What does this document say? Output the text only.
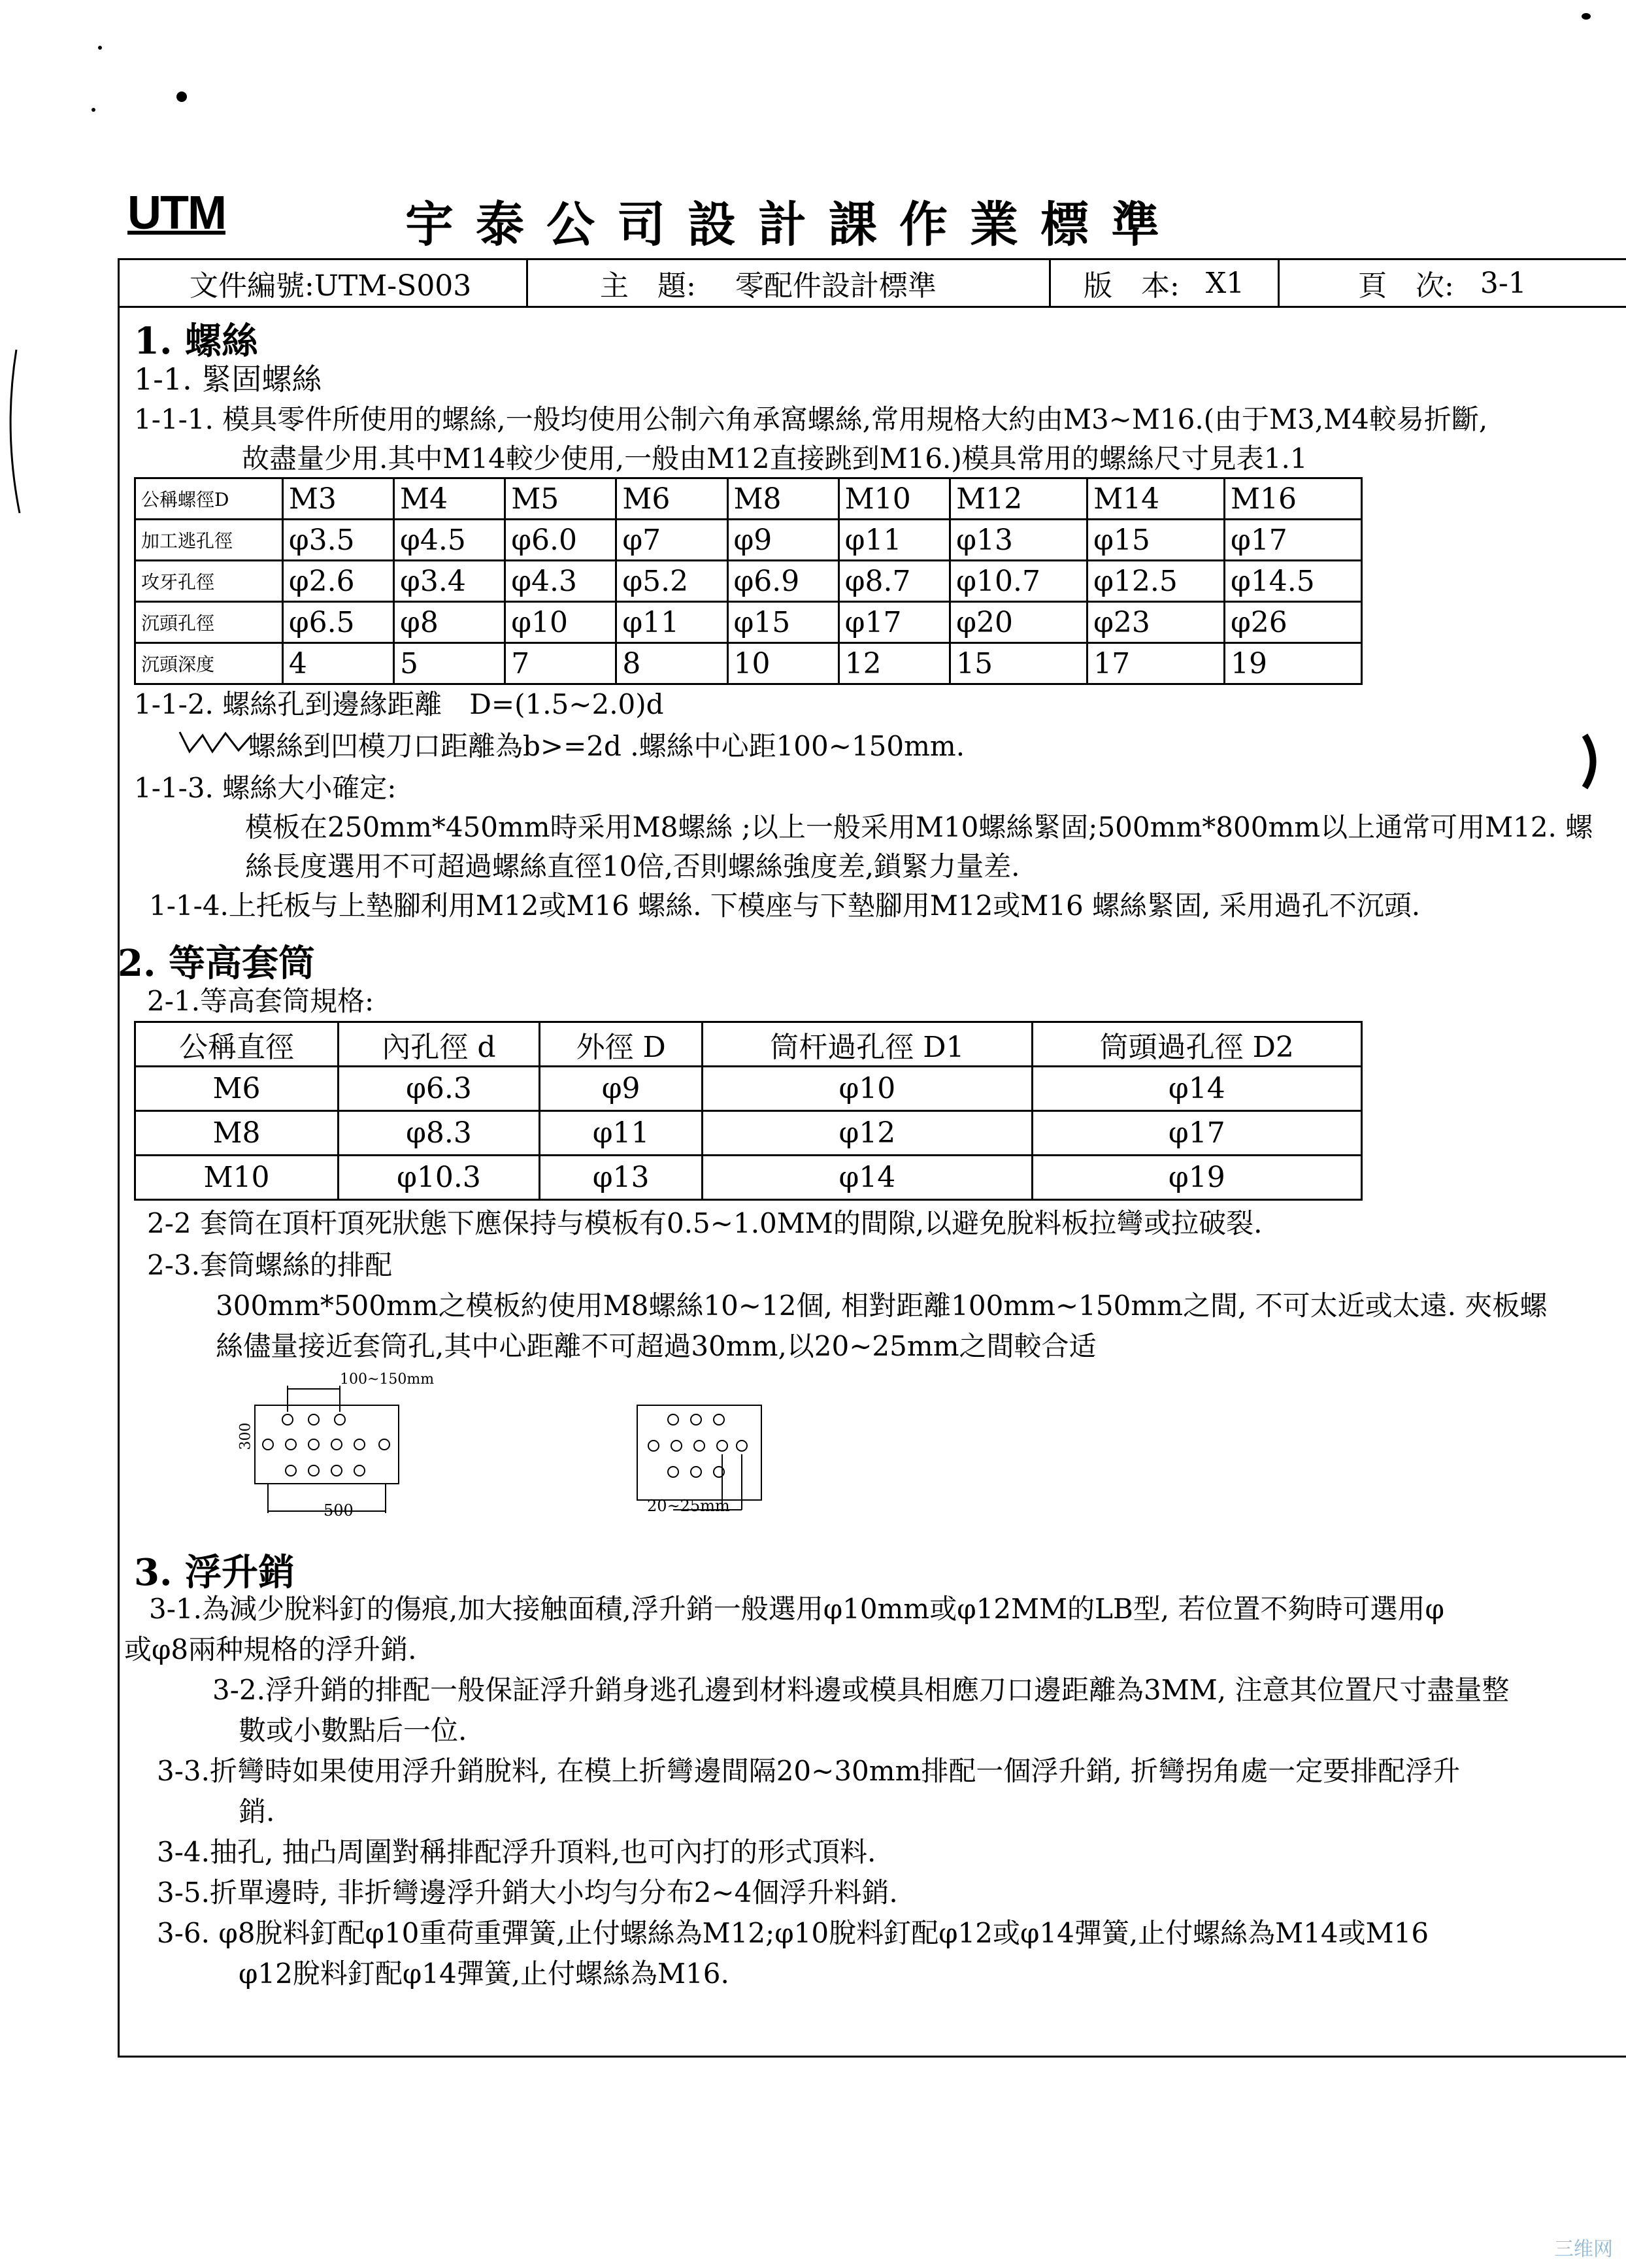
UTM	宇泰公司設計課作業標準
文件編號:UTM-S003	主　題: 零配件設計標準	版　本: X1	頁　次: 3-1
1. 螺絲
1-1. 緊固螺絲
1-1-1. 模具零件所使用的螺絲,一般均使用公制六角承窩螺絲,常用規格大約由M3~M16.(由于M3,M4較易折斷,
故盡量少用.其中M14較少使用,一般由M12直接跳到M16.)模具常用的螺絲尺寸見表1.1
公稱螺徑D	M3	M4	M5	M6	M8	M10	M12	M14	M16
加工逃孔徑	φ3.5	φ4.5	φ6.0	φ7	φ9	φ11	φ13	φ15	φ17
攻牙孔徑	φ2.6	φ3.4	φ4.3	φ5.2	φ6.9	φ8.7	φ10.7	φ12.5	φ14.5
沉頭孔徑	φ6.5	φ8	φ10	φ11	φ15	φ17	φ20	φ23	φ26
沉頭深度	4	5	7	8	10	12	15	17	19
1-1-2. 螺絲孔到邊緣距離　D=(1.5~2.0)d
螺絲到凹模刀口距離為b>=2d .螺絲中心距100~150mm.
1-1-3. 螺絲大小確定:
模板在250mm*450mm時采用M8螺絲 ;以上一般采用M10螺絲緊固;500mm*800mm以上通常可用M12. 螺
絲長度選用不可超過螺絲直徑10倍,否則螺絲強度差,鎖緊力量差.
1-1-4.上托板与上墊腳利用M12或M16 螺絲. 下模座与下墊腳用M12或M16 螺絲緊固, 采用過孔不沉頭.
2. 等高套筒
2-1.等高套筒規格:
公稱直徑	內孔徑 d	外徑 D	筒杆過孔徑 D1	筒頭過孔徑 D2
M6	φ6.3	φ9	φ10	φ14
M8	φ8.3	φ11	φ12	φ17
M10	φ10.3	φ13	φ14	φ19
2-2 套筒在頂杆頂死狀態下應保持与模板有0.5~1.0MM的間隙,以避免脫料板拉彎或拉破裂.
2-3.套筒螺絲的排配
300mm*500mm之模板約使用M8螺絲10~12個, 相對距離100mm~150mm之間, 不可太近或太遠. 夾板螺
絲儘量接近套筒孔,其中心距離不可超過30mm,以20~25mm之間較合适
100~150mm
300
500	20~25mm
3. 浮升銷
3-1.為減少脫料釘的傷痕,加大接触面積,浮升銷一般選用φ10mm或φ12MM的LB型, 若位置不夠時可選用φ
或φ8兩种規格的浮升銷.
3-2.浮升銷的排配一般保証浮升銷身逃孔邊到材料邊或模具相應刀口邊距離為3MM, 注意其位置尺寸盡量整
數或小數點后一位.
3-3.折彎時如果使用浮升銷脫料, 在模上折彎邊間隔20~30mm排配一個浮升銷, 折彎拐角處一定要排配浮升
銷.
3-4.抽孔, 抽凸周圍對稱排配浮升頂料,也可內打的形式頂料.
3-5.折單邊時, 非折彎邊浮升銷大小均勻分布2~4個浮升料銷.
3-6. φ8脫料釘配φ10重荷重彈簧,止付螺絲為M12;φ10脫料釘配φ12或φ14彈簧,止付螺絲為M14或M16
φ12脫料釘配φ14彈簧,止付螺絲為M16.
三维网
